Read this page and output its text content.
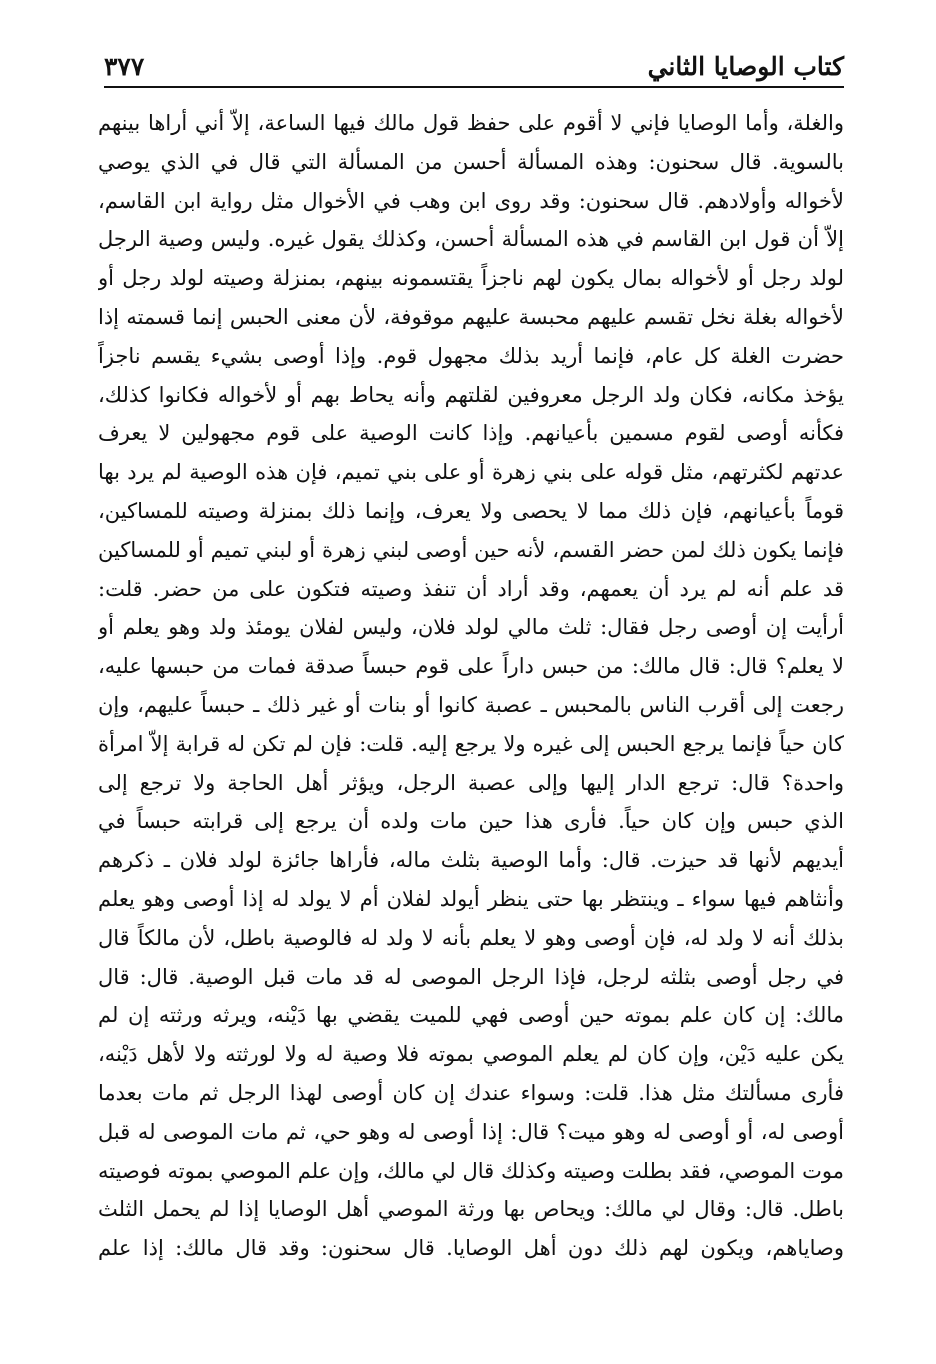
كتاب الوصايا الثاني
٣٧٧
والغلة، وأما الوصايا فإني لا أقوم على حفظ قول مالك فيها الساعة، إلاّ أني أراها بينهم
بالسوية. قال سحنون: وهذه المسألة أحسن من المسألة التي قال في الذي يوصي
لأخواله وأولادهم. قال سحنون: وقد روى ابن وهب في الأخوال مثل رواية ابن القاسم،
إلاّ أن قول ابن القاسم في هذه المسألة أحسن، وكذلك يقول غيره. وليس وصية الرجل
لولد رجل أو لأخواله بمال يكون لهم ناجزاً يقتسمونه بينهم، بمنزلة وصيته لولد رجل أو
لأخواله بغلة نخل تقسم عليهم محبسة عليهم موقوفة، لأن معنى الحبس إنما قسمته إذا
حضرت الغلة كل عام، فإنما أريد بذلك مجهول قوم. وإذا أوصى بشيء يقسم ناجزاً
يؤخذ مكانه، فكان ولد الرجل معروفين لقلتهم وأنه يحاط بهم أو لأخواله فكانوا كذلك،
فكأنه أوصى لقوم مسمين بأعيانهم. وإذا كانت الوصية على قوم مجهولين لا يعرف
عدتهم لكثرتهم، مثل قوله على بني زهرة أو على بني تميم، فإن هذه الوصية لم يرد بها
قوماً بأعيانهم، فإن ذلك مما لا يحصى ولا يعرف، وإنما ذلك بمنزلة وصيته للمساكين،
فإنما يكون ذلك لمن حضر القسم، لأنه حين أوصى لبني زهرة أو لبني تميم أو للمساكين
قد علم أنه لم يرد أن يعمهم، وقد أراد أن تنفذ وصيته فتكون على من حضر. قلت:
أرأيت إن أوصى رجل فقال: ثلث مالي لولد فلان، وليس لفلان يومئذ ولد وهو يعلم أو
لا يعلم؟ قال: قال مالك: من حبس داراً على قوم حبساً صدقة فمات من حبسها عليه،
رجعت إلى أقرب الناس بالمحبس ـ عصبة كانوا أو بنات أو غير ذلك ـ حبساً عليهم، وإن
كان حياً فإنما يرجع الحبس إلى غيره ولا يرجع إليه. قلت: فإن لم تكن له قرابة إلاّ امرأة
واحدة؟ قال: ترجع الدار إليها وإلى عصبة الرجل، ويؤثر أهل الحاجة ولا ترجع إلى
الذي حبس وإن كان حياً. فأرى هذا حين مات ولده أن يرجع إلى قرابته حبساً في
أيديهم لأنها قد حيزت. قال: وأما الوصية بثلث ماله، فأراها جائزة لولد فلان ـ ذكرهم
وأنثاهم فيها سواء ـ وينتظر بها حتى ينظر أيولد لفلان أم لا يولد له إذا أوصى وهو يعلم
بذلك أنه لا ولد له، فإن أوصى وهو لا يعلم بأنه لا ولد له فالوصية باطل، لأن مالكاً قال
في رجل أوصى بثلثه لرجل، فإذا الرجل الموصى له قد مات قبل الوصية. قال: قال
مالك: إن كان علم بموته حين أوصى فهي للميت يقضي بها دَيْنه، ويرثه ورثته إن لم
يكن عليه دَيْن، وإن كان لم يعلم الموصي بموته فلا وصية له ولا لورثته ولا لأهل دَيْنه،
فأرى مسألتك مثل هذا. قلت: وسواء عندك إن كان أوصى لهذا الرجل ثم مات بعدما
أوصى له، أو أوصى له وهو ميت؟ قال: إذا أوصى له وهو حي، ثم مات الموصى له قبل
موت الموصي، فقد بطلت وصيته وكذلك قال لي مالك، وإن علم الموصي بموته فوصيته
باطل. قال: وقال لي مالك: ويحاص بها ورثة الموصي أهل الوصايا إذا لم يحمل الثلث
وصاياهم، ويكون لهم ذلك دون أهل الوصايا. قال سحنون: وقد قال مالك: إذا علم
